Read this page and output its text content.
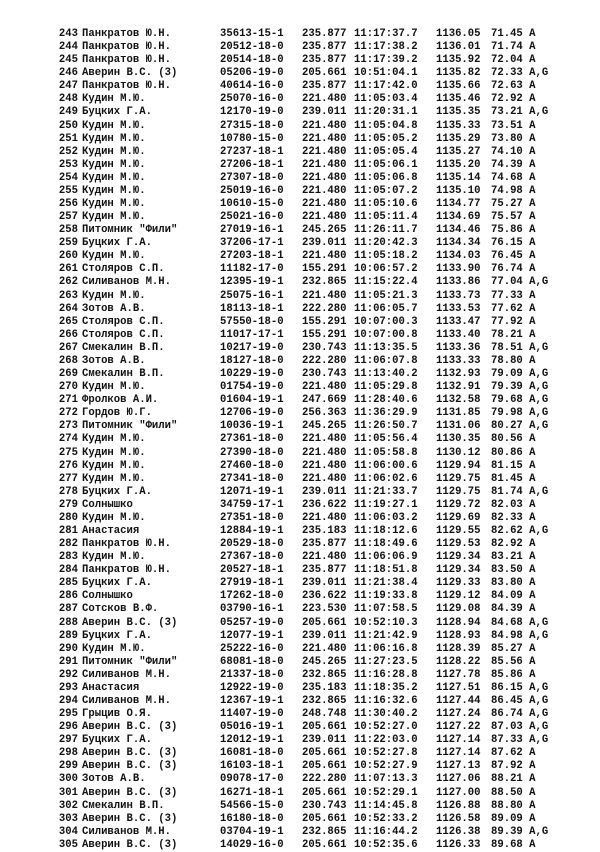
243 Панкратов Ю.Н.	35613-15-1 235.877 11:17:37.7 1136.05 71.45 A
244 Панкратов Ю.Н.	20512-18-0 235.877 11:17:38.2 1136.01 71.74 A
245 Панкратов Ю.Н.	20514-18-0 235.877 11:17:39.2 1135.92 72.04 A
246 Аверин В.С. (3)	05206-19-0 205.661 10:51:04.1 1135.82 72.33 A,G
247 Панкратов Ю.Н.	40614-16-0 235.877 11:17:42.0 1135.66 72.63 A
248 Кудин М.Ю.	25070-16-0 221.480 11:05:03.4 1135.46 72.92 A
249 Буцких Г.А.	12170-19-0 239.011 11:20:31.1 1135.35 73.21 A,G
250 Кудин М.Ю.	27315-18-0 221.480 11:05:04.8 1135.33 73.51 A
251 Кудин М.Ю.	10780-15-0 221.480 11:05:05.2 1135.29 73.80 A
252 Кудин М.Ю.	27237-18-1 221.480 11:05:05.4 1135.27 74.10 A
253 Кудин М.Ю.	27206-18-1 221.480 11:05:06.1 1135.20 74.39 A
254 Кудин М.Ю.	27307-18-0 221.480 11:05:06.8 1135.14 74.68 A
255 Кудин М.Ю.	25019-16-0 221.480 11:05:07.2 1135.10 74.98 A
256 Кудин М.Ю.	10610-15-0 221.480 11:05:10.6 1134.77 75.27 A
257 Кудин М.Ю.	25021-16-0 221.480 11:05:11.4 1134.69 75.57 A
258 Питомник "Фили"	27019-16-1 245.265 11:26:11.7 1134.46 75.86 A
259 Буцких Г.А.	37206-17-1 239.011 11:20:42.3 1134.34 76.15 A
260 Кудин М.Ю.	27203-18-1 221.480 11:05:18.2 1134.03 76.45 A
261 Столяров С.П.	11182-17-0 155.291 10:06:57.2 1133.90 76.74 A
262 Силиванов М.Н.	12395-19-1 232.865 11:15:22.4 1133.86 77.04 A,G
263 Кудин М.Ю.	25075-16-1 221.480 11:05:21.3 1133.73 77.33 A
264 Зотов А.В.	18113-18-1 222.280 11:06:05.7 1133.53 77.62 A
265 Столяров С.П.	57550-18-0 155.291 10:07:00.3 1133.47 77.92 A
266 Столяров С.П.	11017-17-1 155.291 10:07:00.8 1133.40 78.21 A
267 Смекалин В.П.	10217-19-0 230.743 11:13:35.5 1133.36 78.51 A,G
268 Зотов А.В.	18127-18-0 222.280 11:06:07.8 1133.33 78.80 A
269 Смекалин В.П.	10229-19-0 230.743 11:13:40.2 1132.93 79.09 A,G
270 Кудин М.Ю.	01754-19-0 221.480 11:05:29.8 1132.91 79.39 A,G
271 Фролков А.И.	01604-19-1 247.669 11:28:40.6 1132.58 79.68 A,G
272 Гордов Ю.Г.	12706-19-0 256.363 11:36:29.9 1131.85 79.98 A,G
273 Питомник "Фили"	10036-19-1 245.265 11:26:50.7 1131.06 80.27 A,G
274 Кудин М.Ю.	27361-18-0 221.480 11:05:56.4 1130.35 80.56 A
275 Кудин М.Ю.	27390-18-0 221.480 11:05:58.8 1130.12 80.86 A
276 Кудин М.Ю.	27460-18-0 221.480 11:06:00.6 1129.94 81.15 A
277 Кудин М.Ю.	27341-18-0 221.480 11:06:02.6 1129.75 81.45 A
278 Буцких Г.А.	12071-19-1 239.011 11:21:33.7 1129.75 81.74 A,G
279 Солнышко	34759-17-1 236.622 11:19:27.1 1129.72 82.03 A
280 Кудин М.Ю.	27351-18-0 221.480 11:06:03.2 1129.69 82.33 A
281 Анастасия	12884-19-1 235.183 11:18:12.6 1129.55 82.62 A,G
282 Панкратов Ю.Н.	20529-18-0 235.877 11:18:49.6 1129.53 82.92 A
283 Кудин М.Ю.	27367-18-0 221.480 11:06:06.9 1129.34 83.21 A
284 Панкратов Ю.Н.	20527-18-1 235.877 11:18:51.8 1129.34 83.50 A
285 Буцких Г.А.	27919-18-1 239.011 11:21:38.4 1129.33 83.80 A
286 Солнышко	17262-18-0 236.622 11:19:33.8 1129.12 84.09 A
287 Сотсков В.Ф.	03790-16-1 223.530 11:07:58.5 1129.08 84.39 A
288 Аверин В.С. (3)	05257-19-0 205.661 10:52:10.3 1128.94 84.68 A,G
289 Буцких Г.А.	12077-19-1 239.011 11:21:42.9 1128.93 84.98 A,G
290 Кудин М.Ю.	25222-16-0 221.480 11:06:16.8 1128.39 85.27 A
291 Питомник "Фили"	68081-18-0 245.265 11:27:23.5 1128.22 85.56 A
292 Силиванов М.Н.	21337-18-0 232.865 11:16:28.8 1127.78 85.86 A
293 Анастасия	12922-19-0 235.183 11:18:35.2 1127.51 86.15 A,G
294 Силиванов М.Н.	12367-19-1 232.865 11:16:32.6 1127.44 86.45 A,G
295 Грыцив О.Я.	11407-19-0 248.748 11:30:40.2 1127.24 86.74 A,G
296 Аверин В.С. (3)	05016-19-1 205.661 10:52:27.0 1127.22 87.03 A,G
297 Буцких Г.А.	12012-19-1 239.011 11:22:03.0 1127.14 87.33 A,G
298 Аверин В.С. (3)	16081-18-0 205.661 10:52:27.8 1127.14 87.62 A
299 Аверин В.С. (3)	16103-18-1 205.661 10:52:27.9 1127.13 87.92 A
300 Зотов А.В.	09078-17-0 222.280 11:07:13.3 1127.06 88.21 A
301 Аверин В.С. (3)	16271-18-1 205.661 10:52:29.1 1127.00 88.50 A
302 Смекалин В.П.	54566-15-0 230.743 11:14:45.8 1126.88 88.80 A
303 Аверин В.С. (3)	16180-18-0 205.661 10:52:33.2 1126.58 89.09 A
304 Силиванов М.Н.	03704-19-1 232.865 11:16:44.2 1126.38 89.39 A,G
305 Аверин В.С. (3)	14029-16-0 205.661 10:52:35.6 1126.33 89.68 A
